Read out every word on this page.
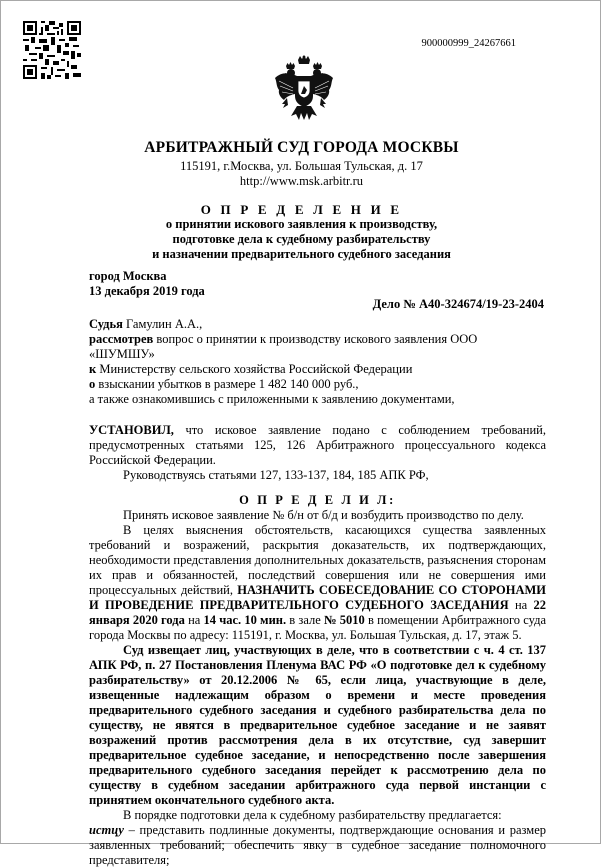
900000999_24267661
АРБИТРАЖНЫЙ СУД ГОРОДА МОСКВЫ
115191, г.Москва, ул. Большая Тульская, д. 17
http://www.msk.arbitr.ru
О П Р Е Д Е Л Е Н И Е
о принятии искового заявления к производству,
подготовке дела к судебному разбирательству
и назначении предварительного судебного заседания
город Москва
13 декабря 2019 года
Дело № А40-324674/19-23-2404

Судья Гамулин А.А.,

рассмотрев вопрос о принятии к производству искового заявления ООО «ШУМШУ»

к Министерству сельского хозяйства Российской Федерации

о взыскании убытков в размере 1 482 140 000 руб.,

а также ознакомившись с приложенными к заявлению документами,

УСТАНОВИЛ, что исковое заявление подано с соблюдением требований, предусмотренных статьями 125, 126 Арбитражного процессуального кодекса Российской Федерации.

Руководствуясь статьями 127, 133-137, 184, 185 АПК РФ,

О П Р Е Д Е Л И Л:

Принять исковое заявление № б/н от б/д и возбудить производство по делу.

В целях выяснения обстоятельств, касающихся существа заявленных требований и возражений, раскрытия доказательств, их подтверждающих, необходимости представления дополнительных доказательств, разъяснения сторонам их прав и обязанностей, последствий совершения или не совершения ими процессуальных действий, НАЗНАЧИТЬ СОБЕСЕДОВАНИЕ СО СТОРОНАМИ И ПРОВЕДЕНИЕ ПРЕДВАРИТЕЛЬНОГО СУДЕБНОГО ЗАСЕДАНИЯ на 22 января 2020 года на 14 час. 10 мин. в зале № 5010 в помещении Арбитражного суда города Москвы по адресу: 115191, г. Москва, ул. Большая Тульская, д. 17, этаж 5.

Суд извещает лиц, участвующих в деле, что в соответствии с ч. 4 ст. 137 АПК РФ, п. 27 Постановления Пленума ВАС РФ «О подготовке дел к судебному разбирательству» от 20.12.2006 № 65, если лица, участвующие в деле, извещенные надлежащим образом о времени и месте проведения предварительного судебного заседания и судебного разбирательства дела по существу, не явятся в предварительное судебное заседание и не заявят возражений против рассмотрения дела в их отсутствие, суд завершит предварительное судебное заседание, и непосредственно после завершения предварительного судебного заседания перейдет к рассмотрению дела по существу в судебном заседании арбитражного суда первой инстанции с принятием окончательного судебного акта.

В порядке подготовки дела к судебному разбирательству предлагается:

истцу – представить подлинные документы, подтверждающие основания и размер заявленных требований; обеспечить явку в судебное заседание полномочного представителя;
